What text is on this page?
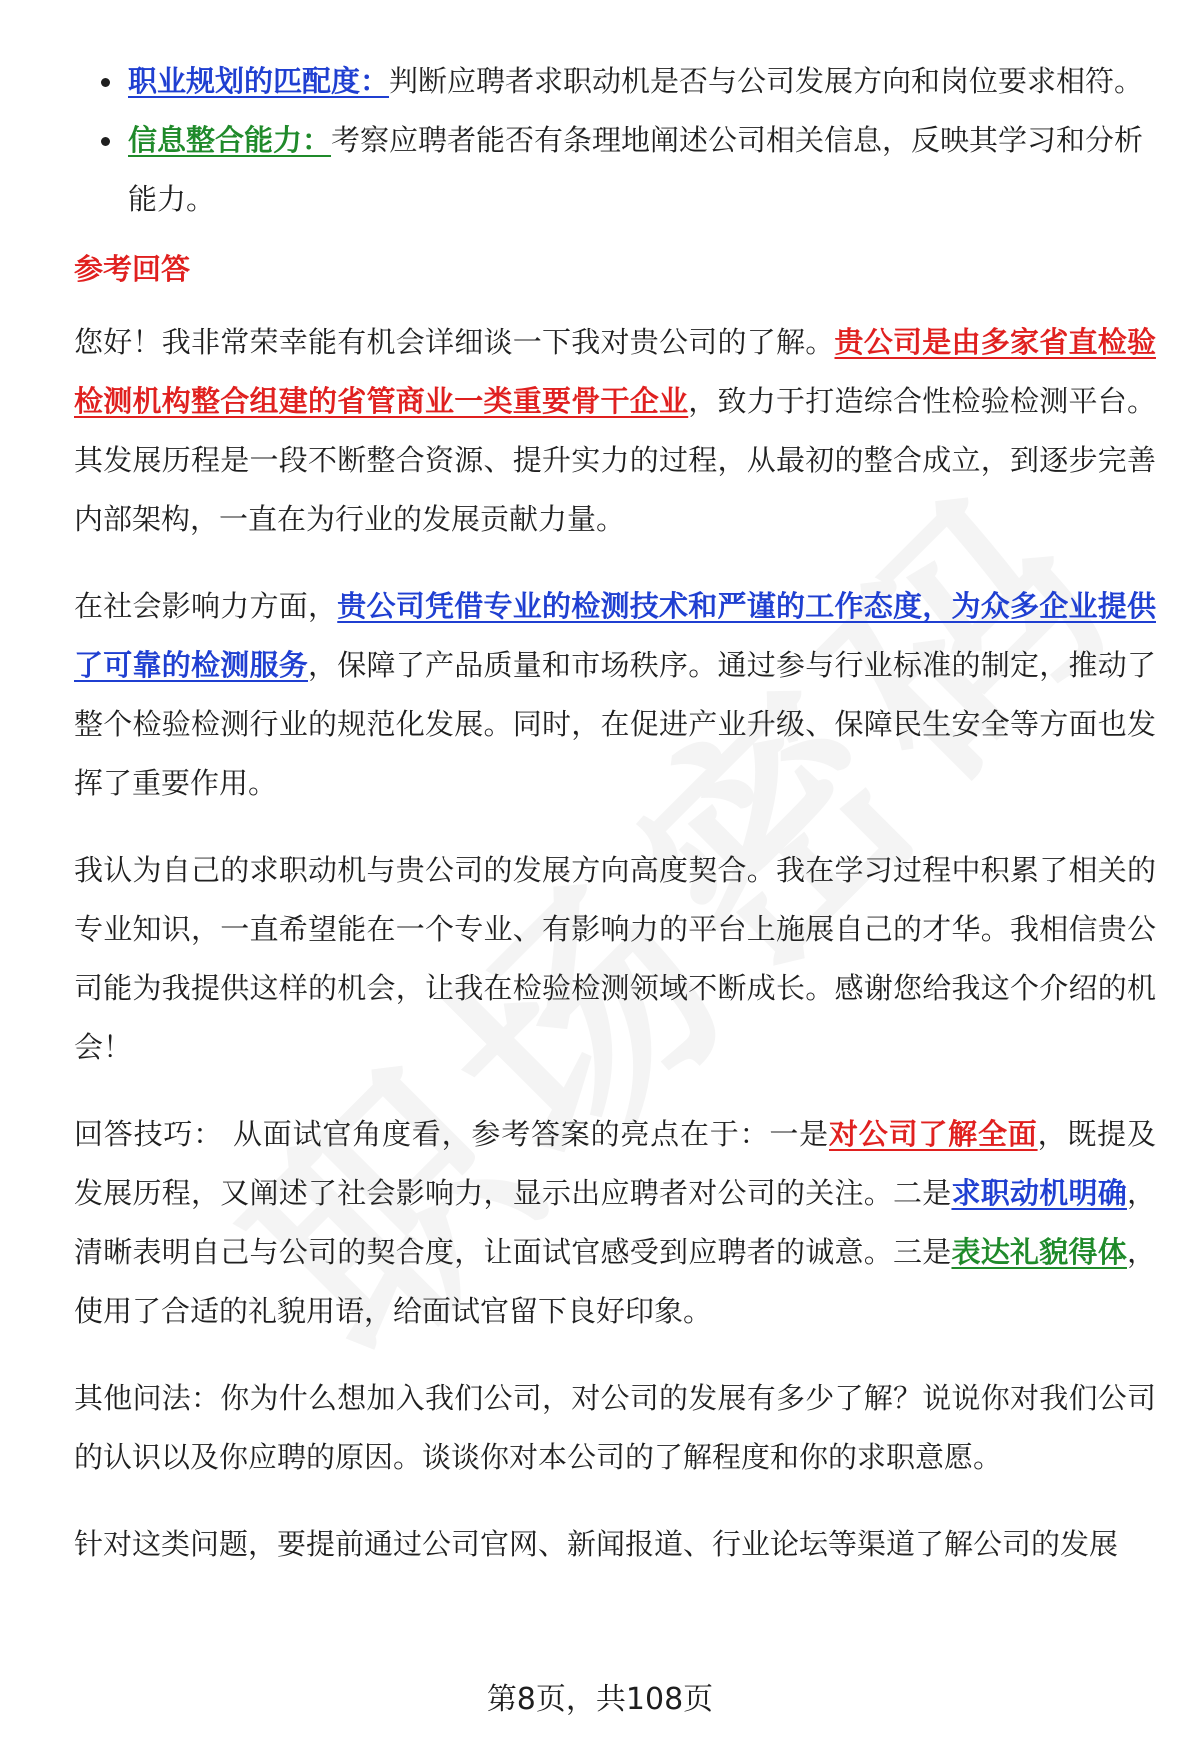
职业规划的匹配度：判断应聘者求职动机是否与公司发展方向和岗位要求相符。
信息整合能力：考察应聘者能否有条理地阐述公司相关信息，反映其学习和分析能力。
参考回答

您好！我非常荣幸能有机会详细谈一下我对贵公司的了解。贵公司是由多家省直检验检测机构整合组建的省管商业一类重要骨干企业，致力于打造综合性检验检测平台。其发展历程是一段不断整合资源、提升实力的过程，从最初的整合成立，到逐步完善内部架构，一直在为行业的发展贡献力量。

在社会影响力方面，贵公司凭借专业的检测技术和严谨的工作态度，为众多企业提供了可靠的检测服务，保障了产品质量和市场秩序。通过参与行业标准的制定，推动了整个检验检测行业的规范化发展。同时，在促进产业升级、保障民生安全等方面也发挥了重要作用。

我认为自己的求职动机与贵公司的发展方向高度契合。我在学习过程中积累了相关的专业知识，一直希望能在一个专业、有影响力的平台上施展自己的才华。我相信贵公司能为我提供这样的机会，让我在检验检测领域不断成长。感谢您给我这个介绍的机会！

回答技巧： 从面试官角度看，参考答案的亮点在于：一是对公司了解全面，既提及发展历程，又阐述了社会影响力，显示出应聘者对公司的关注。二是求职动机明确，清晰表明自己与公司的契合度，让面试官感受到应聘者的诚意。三是表达礼貌得体，使用了合适的礼貌用语，给面试官留下良好印象。

其他问法：你为什么想加入我们公司，对公司的发展有多少了解？说说你对我们公司的认识以及你应聘的原因。谈谈你对本公司的了解程度和你的求职意愿。

针对这类问题，要提前通过公司官网、新闻报道、行业论坛等渠道了解公司的发展

第8页，共108页
